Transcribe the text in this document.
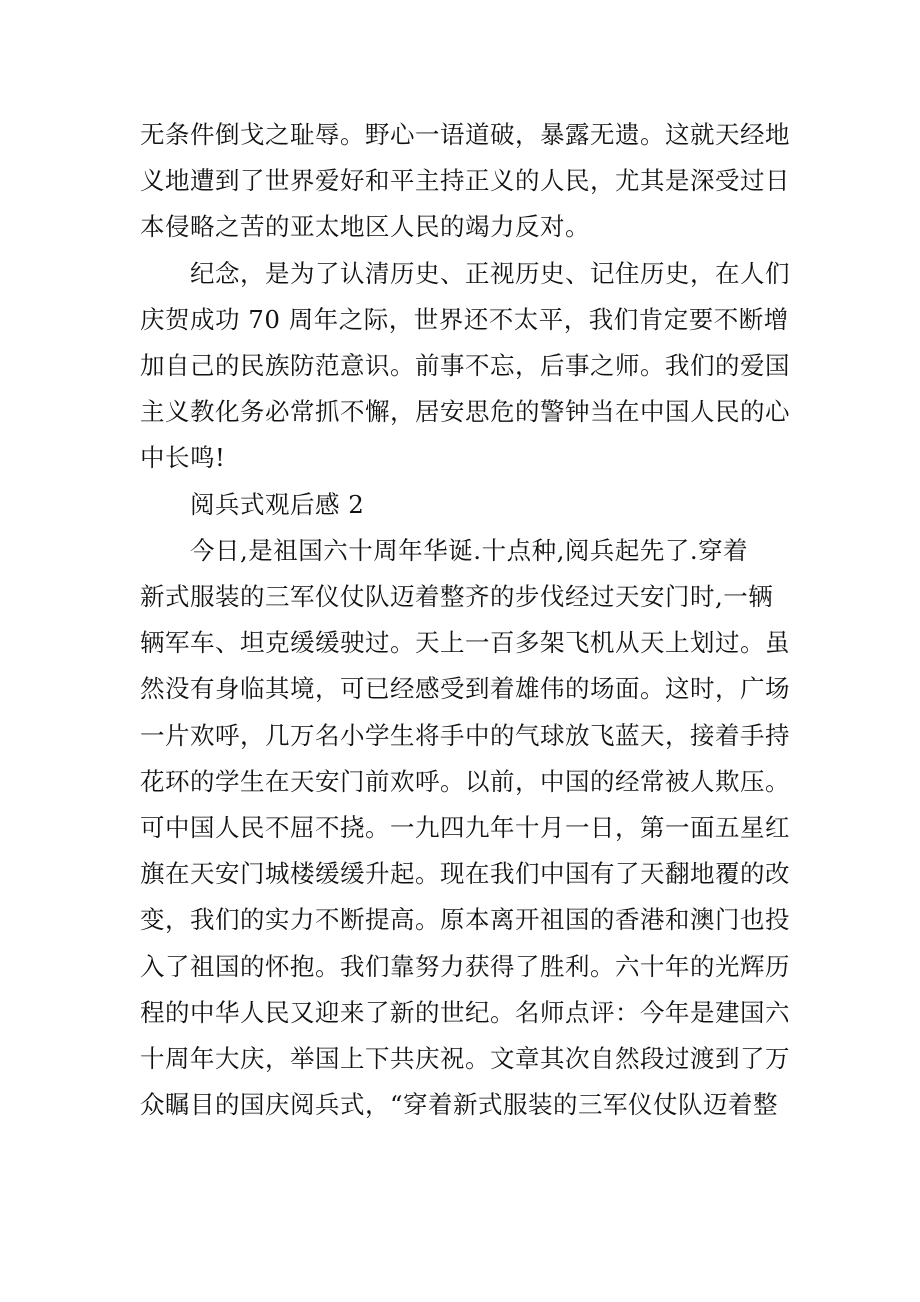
无条件倒戈之耻辱。野心一语道破，暴露无遗。这就天经地
义地遭到了世界爱好和平主持正义的人民，尤其是深受过日
本侵略之苦的亚太地区人民的竭力反对。

纪念，是为了认清历史、正视历史、记住历史，在人们
庆贺成功 70 周年之际，世界还不太平，我们肯定要不断增
加自己的民族防范意识。前事不忘，后事之师。我们的爱国
主义教化务必常抓不懈，居安思危的警钟当在中国人民的心
中长鸣!

阅兵式观后感 2

今日,是祖国六十周年华诞.十点种,阅兵起先了.穿着
新式服装的三军仪仗队迈着整齐的步伐经过天安门时,一辆
辆军车、坦克缓缓驶过。天上一百多架飞机从天上划过。虽
然没有身临其境，可已经感受到着雄伟的场面。这时，广场
一片欢呼，几万名小学生将手中的气球放飞蓝天，接着手持
花环的学生在天安门前欢呼。以前，中国的经常被人欺压。
可中国人民不屈不挠。一九四九年十月一日，第一面五星红
旗在天安门城楼缓缓升起。现在我们中国有了天翻地覆的改
变，我们的实力不断提高。原本离开祖国的香港和澳门也投
入了祖国的怀抱。我们靠努力获得了胜利。六十年的光辉历
程的中华人民又迎来了新的世纪。名师点评：今年是建国六
十周年大庆，举国上下共庆祝。文章其次自然段过渡到了万
众瞩目的国庆阅兵式，“穿着新式服装的三军仪仗队迈着整
